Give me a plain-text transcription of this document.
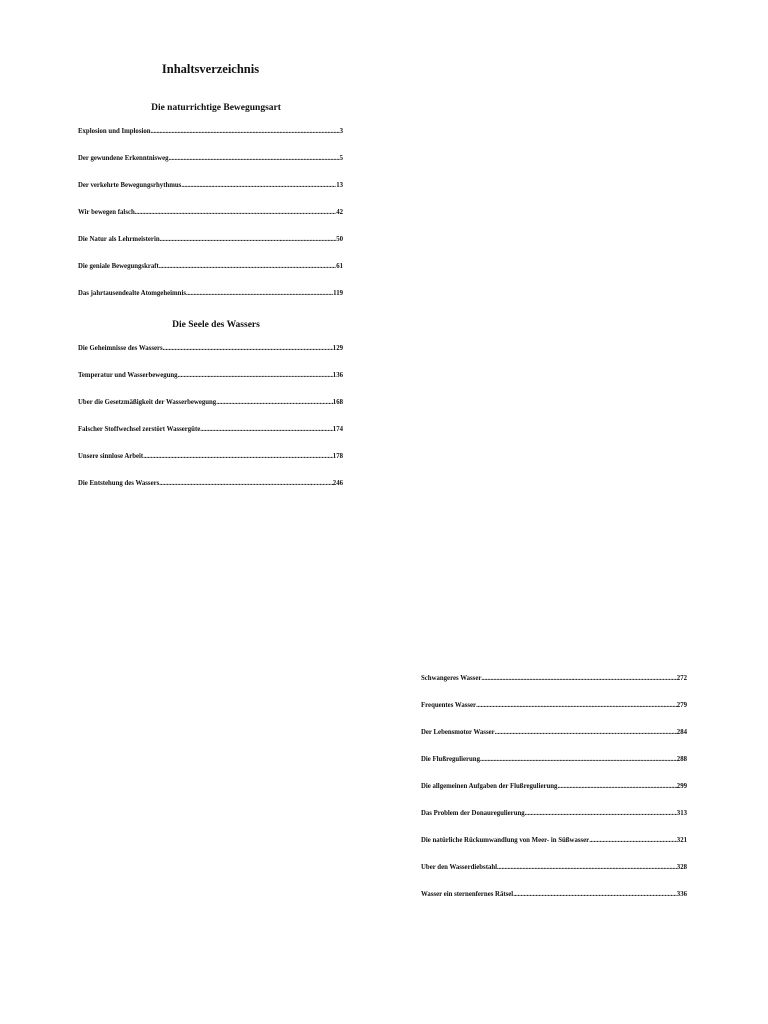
Inhaltsverzeichnis
Die naturrichtige Bewegungsart
Explosion und Implosion .....	3
Der gewundene Erkenntnisweg .....	5
Der verkehrte Bewegungsrhythmus .....	13
Wir bewegen falsch .....	42
Die Natur als Lehrmeisterin .....	50
Die geniale Bewegungskraft .....	61
Das jahrtausendealte Atomgeheimnis .....	119
Die Seele des Wassers
Die Geheimnisse des Wassers .....	129
Temperatur und Wasserbewegung .....	136
Über die Gesetzmäßigkeit der Wasserbewegung .....	168
Falscher Stoffwechsel zerstört Wassergüte .....	174
Unsere sinnlose Arbeit .....	178
Die Entstehung des Wassers .....	246
Schwangeres Wasser .....	272
Frequentes Wasser .....	279
Der Lebensmotor Wasser .....	284
Die Flußregulierung .....	288
Die allgemeinen Aufgaben der Flußregulierung .....	299
Das Problem der Donauregulierung .....	313
Die natürliche Rückumwandlung von Meer- in Süßwasser .....	321
Über den Wasserdiebstahl .....	328
Wasser ein sternenfernes Rätsel .....	336
